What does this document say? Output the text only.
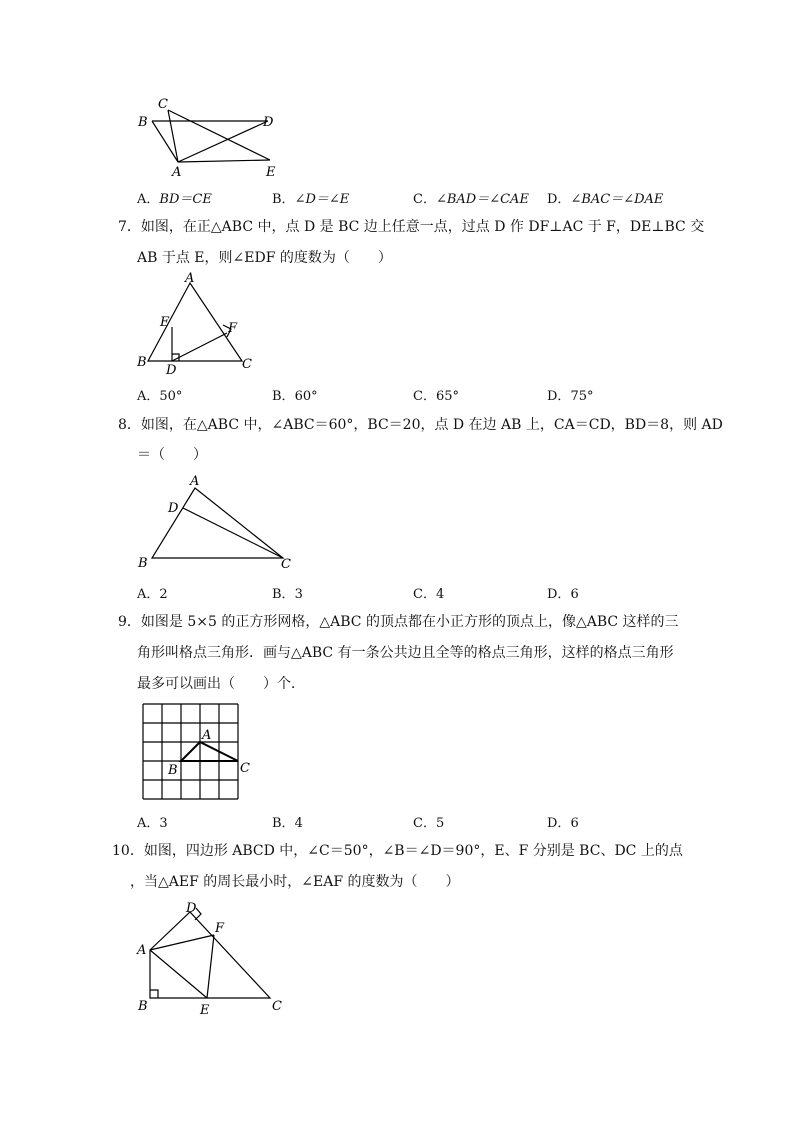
C
B	D
A	E
A．BD＝CE	B．∠D＝∠E	C．∠BAD＝∠CAE D．∠BAC＝∠DAE
7．如图，在正△ABC 中，点 D 是 BC 边上任意一点，过点 D 作 DF⊥AC 于 F，DE⊥BC 交
AB 于点 E，则∠EDF 的度数为（　　）
A
E	F
B
D	C
A．50°	B．60°	C．65°	D．75°
8．如图，在△ABC 中，∠ABC＝60°，BC＝20，点 D 在边 AB 上，CA＝CD，BD＝8，则 AD
＝（　　）
A
D
B	C
A．2	B．3	C．4	D．6
9．如图是 5×5 的正方形网格，△ABC 的顶点都在小正方形的顶点上，像△ABC 这样的三
角形叫格点三角形．画与△ABC 有一条公共边且全等的格点三角形，这样的格点三角形
最多可以画出（　　）个．
A
B	C
A．3	B．4	C．5	D．6
10．如图，四边形 ABCD 中，∠C＝50°，∠B＝∠D＝90°，E、F 分别是 BC、DC 上的点
，当△AEF 的周长最小时，∠EAF 的度数为（　　）
D
F
A
B	E	C
